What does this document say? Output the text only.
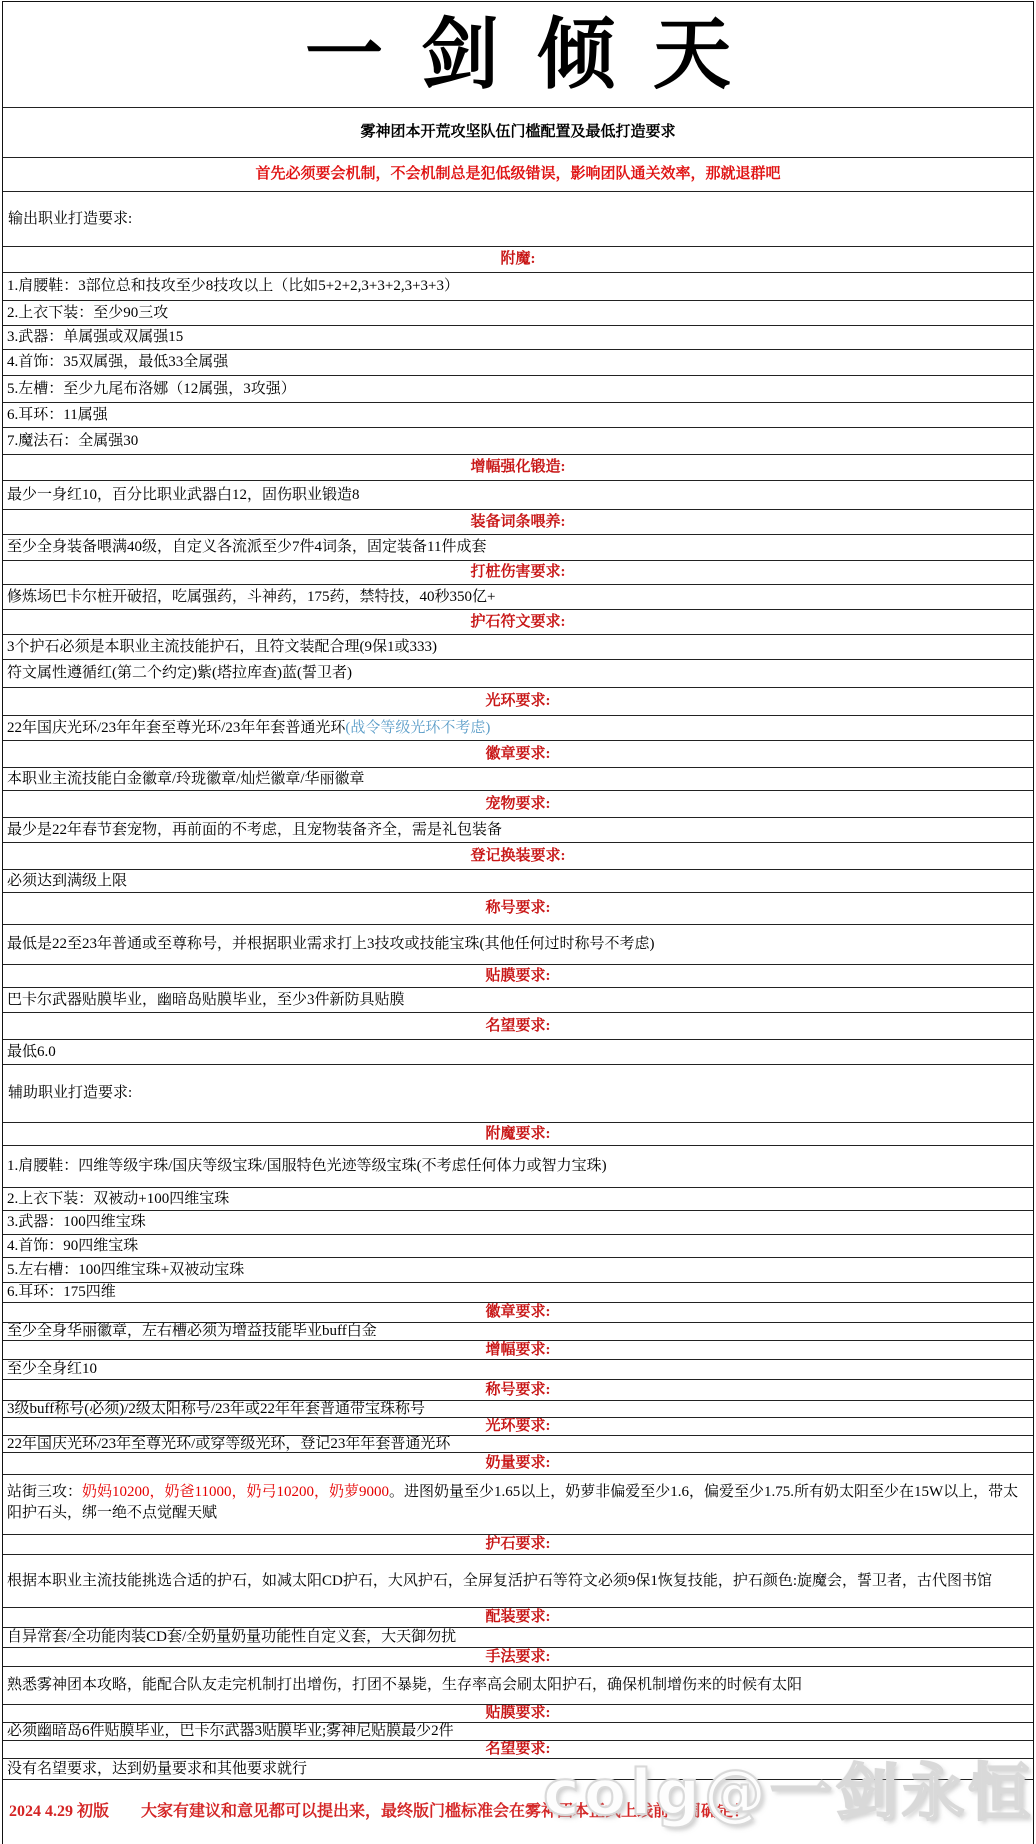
一剑倾天
雾神团本开荒攻坚队伍门槛配置及最低打造要求
首先必须要会机制，不会机制总是犯低级错误，影响团队通关效率，那就退群吧
输出职业打造要求:
附魔:
1.肩腰鞋：3部位总和技攻至少8技攻以上（比如5+2+2,3+3+2,3+3+3）
2.上衣下装：至少90三攻
3.武器：单属强或双属强15
4.首饰：35双属强，最低33全属强
5.左槽：至少九尾布洛娜（12属强，3攻强）
6.耳环：11属强
7.魔法石：全属强30
增幅强化锻造:
最少一身红10，百分比职业武器白12，固伤职业锻造8
装备词条喂养:
至少全身装备喂满40级，自定义各流派至少7件4词条，固定装备11件成套
打桩伤害要求:
修炼场巴卡尔桩开破招，吃属强药，斗神药，175药，禁特技，40秒350亿+
护石符文要求:
3个护石必须是本职业主流技能护石，且符文装配合理(9保1或333)
符文属性遵循红(第二个约定)紫(塔拉库查)蓝(誓卫者)
光环要求:
22年国庆光环/23年年套至尊光环/23年年套普通光环 (战令等级光环不考虑)
徽章要求:
本职业主流技能白金徽章/玲珑徽章/灿烂徽章/华丽徽章
宠物要求:
最少是22年春节套宠物，再前面的不考虑，且宠物装备齐全，需是礼包装备
登记换装要求:
必须达到满级上限
称号要求:
最低是22至23年普通或至尊称号，并根据职业需求打上3技攻或技能宝珠(其他任何过时称号不考虑)
贴膜要求:
巴卡尔武器贴膜毕业，幽暗岛贴膜毕业，至少3件新防具贴膜
名望要求:
最低6.0
辅助职业打造要求:
附魔要求:
1.肩腰鞋：四维等级宇珠/国庆等级宝珠/国服特色光迹等级宝珠(不考虑任何体力或智力宝珠)
2.上衣下装：双被动+100四维宝珠
3.武器：100四维宝珠
4.首饰：90四维宝珠
5.左右槽：100四维宝珠+双被动宝珠
6.耳环：175四维
徽章要求:
至少全身华丽徽章，左右槽必须为增益技能毕业buff白金
增幅要求:
至少全身红10
称号要求:
3级buff称号(必须)/2级太阳称号/23年或22年年套普通带宝珠称号
光环要求:
22年国庆光环/23年至尊光环/或穿等级光环，登记23年年套普通光环
奶量要求:
站街三攻：奶妈10200，奶爸11000，奶弓10200，奶萝9000。进图奶量至少1.65以上，奶萝非偏爱至少1.6，偏爱至少1.75.所有奶太阳至少在15W以上，带太阳护石头，绑一绝不点觉醒天赋
护石要求:
根据本职业主流技能挑选合适的护石，如减太阳CD护石，大风护石，全屏复活护石等符文必须9保1恢复技能，护石颜色:旋魔会，誓卫者，古代图书馆
配装要求:
自异常套/全功能肉装CD套/全奶量奶量功能性自定义套，大天御勿扰
手法要求:
熟悉雾神团本攻略，能配合队友走完机制打出增伤，打团不暴毙，生存率高会刷太阳护石，确保机制增伤来的时候有太阳
贴膜要求:
必须幽暗岛6件贴膜毕业，巴卡尔武器3贴膜毕业;雾神尼贴膜最少2件
名望要求:
没有名望要求，达到奶量要求和其他要求就行
2024 4.29 初版　　大家有建议和意见都可以提出来，最终版门槛标准会在雾神团本正式上线前一周确定！
colg@一剑永恒
